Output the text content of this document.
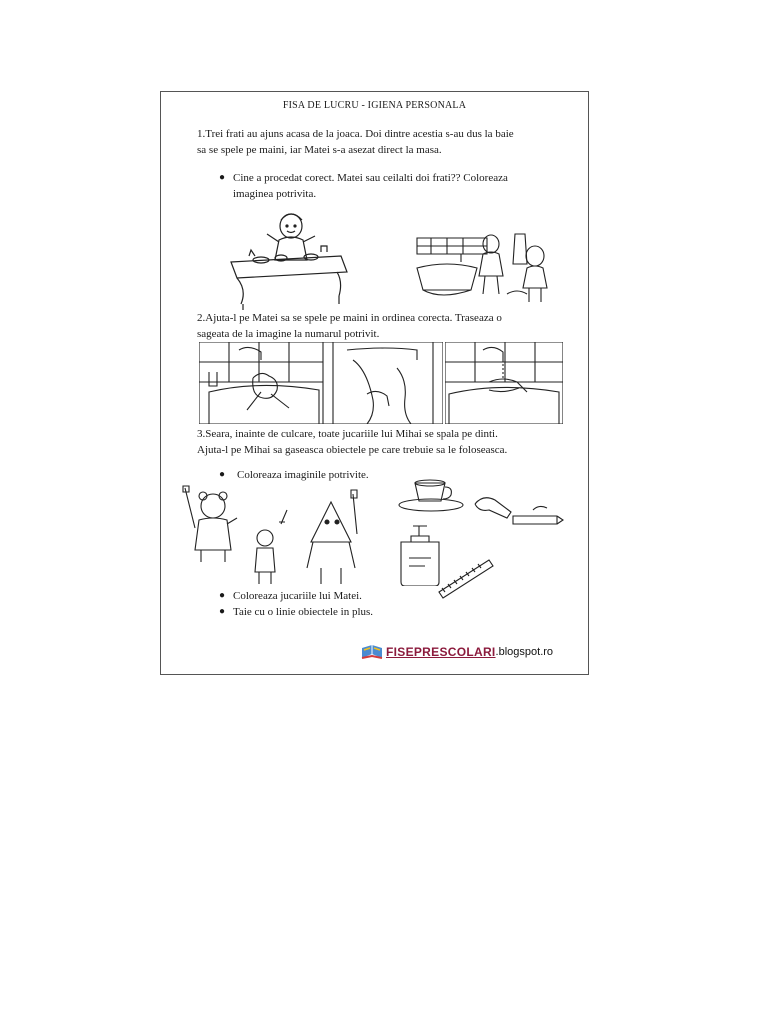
FISA DE LUCRU - IGIENA PERSONALA
1.Trei frati au ajuns acasa de la joaca. Doi dintre acestia s-au dus la baie
sa se spele pe maini, iar Matei s-a asezat direct la masa.
● Cine a procedat corect. Matei sau ceilalti doi frati?? Coloreaza
imaginea potrivita.
2.Ajuta-l pe Matei sa se spele pe maini in ordinea corecta. Traseaza o
sageata de la imagine la numarul potrivit.
3.Seara, inainte de culcare, toate jucariile lui Mihai se spala pe dinti.
Ajuta-l pe Mihai sa gaseasca obiectele pe care trebuie sa le foloseasca.
● Coloreaza imaginile potrivite.
● Coloreaza jucariile lui Matei.
● Taie cu o linie obiectele in plus.
FISEPRESCOLARI .blogspot.ro
